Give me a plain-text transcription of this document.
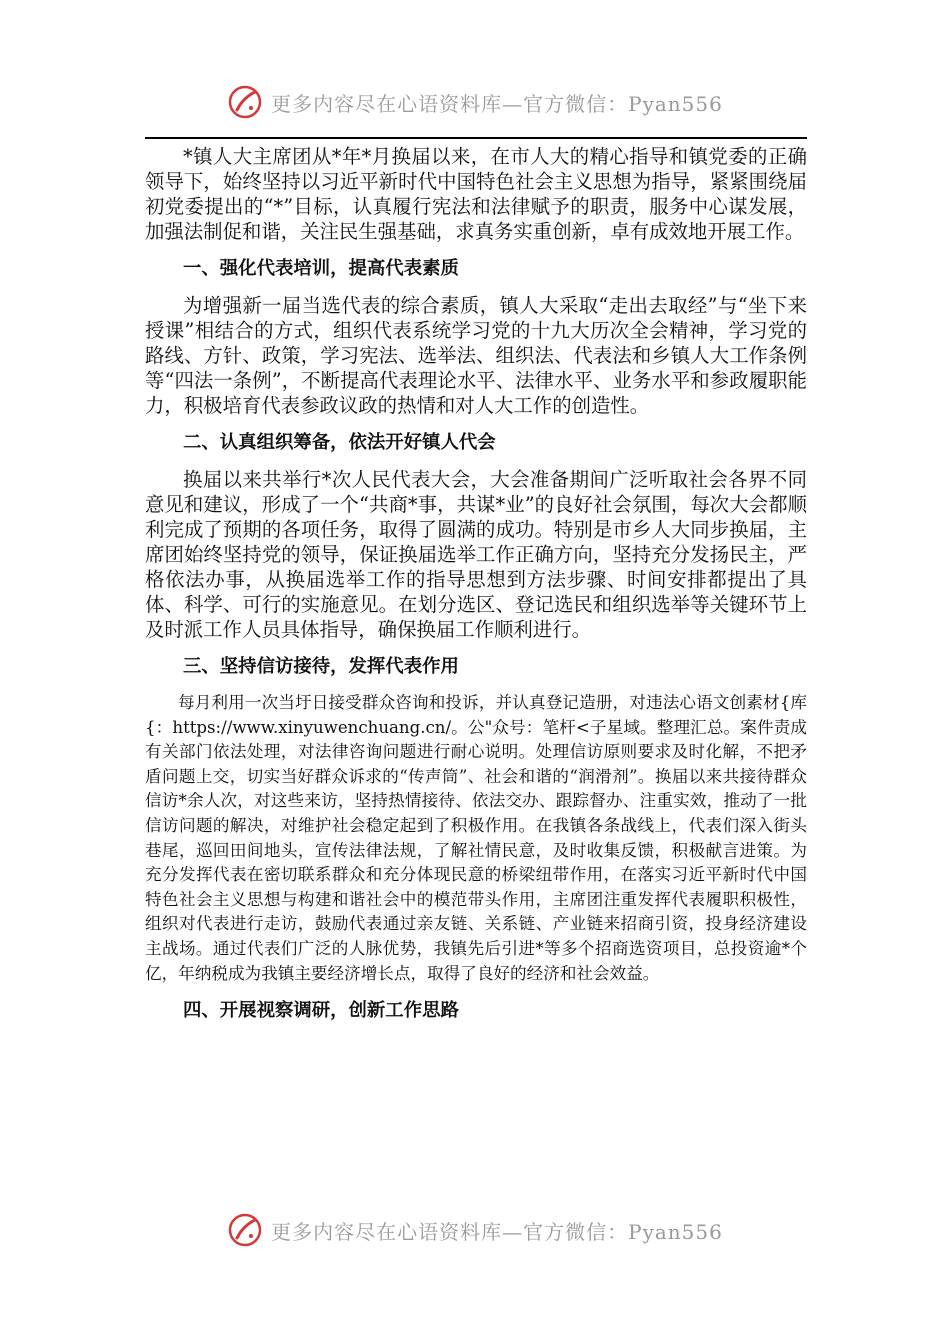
更多内容尽在心语资料库—官方微信：Pyan556

*镇人大主席团从*年*月换届以来，在市人大的精心指导和镇党委的正确领导下，始终坚持以习近平新时代中国特色社会主义思想为指导，紧紧围绕届初党委提出的“*”目标，认真履行宪法和法律赋予的职责，服务中心谋发展，加强法制促和谐，关注民生强基础，求真务实重创新，卓有成效地开展工作。

一、强化代表培训，提高代表素质

为增强新一届当选代表的综合素质，镇人大采取“走出去取经”与“坐下来授课”相结合的方式，组织代表系统学习党的十九大历次全会精神，学习党的路线、方针、政策，学习宪法、选举法、组织法、代表法和乡镇人大工作条例等“四法一条例”，不断提高代表理论水平、法律水平、业务水平和参政履职能力，积极培育代表参政议政的热情和对人大工作的创造性。

二、认真组织筹备，依法开好镇人代会

换届以来共举行*次人民代表大会，大会准备期间广泛听取社会各界不同意见和建议，形成了一个“共商*事，共谋*业”的良好社会氛围，每次大会都顺利完成了预期的各项任务，取得了圆满的成功。特别是市乡人大同步换届，主席团始终坚持党的领导，保证换届选举工作正确方向，坚持充分发扬民主，严格依法办事，从换届选举工作的指导思想到方法步骤、时间安排都提出了具体、科学、可行的实施意见。在划分选区、登记选民和组织选举等关键环节上及时派工作人员具体指导，确保换届工作顺利进行。

三、坚持信访接待，发挥代表作用

每月利用一次当圩日接受群众咨询和投诉，并认真登记造册，对违法心语文创素材{库{：https://www.xinyuwenchuang.cn/。公"众号：笔杆<子星域。整理汇总。案件责成有关部门依法处理，对法律咨询问题进行耐心说明。处理信访原则要求及时化解，不把矛盾问题上交，切实当好群众诉求的“传声筒”、社会和谐的“润滑剂”。换届以来共接待群众信访*余人次，对这些来访，坚持热情接待、依法交办、跟踪督办、注重实效，推动了一批信访问题的解决，对维护社会稳定起到了积极作用。在我镇各条战线上，代表们深入街头巷尾，巡回田间地头，宣传法律法规，了解社情民意，及时收集反馈，积极献言进策。为充分发挥代表在密切联系群众和充分体现民意的桥梁纽带作用，在落实习近平新时代中国特色社会主义思想与构建和谐社会中的模范带头作用，主席团注重发挥代表履职积极性，组织对代表进行走访，鼓励代表通过亲友链、关系链、产业链来招商引资，投身经济建设主战场。通过代表们广泛的人脉优势，我镇先后引进*等多个招商选资项目，总投资逾*个亿，年纳税成为我镇主要经济增长点，取得了良好的经济和社会效益。

四、开展视察调研，创新工作思路
更多内容尽在心语资料库—官方微信：Pyan556
